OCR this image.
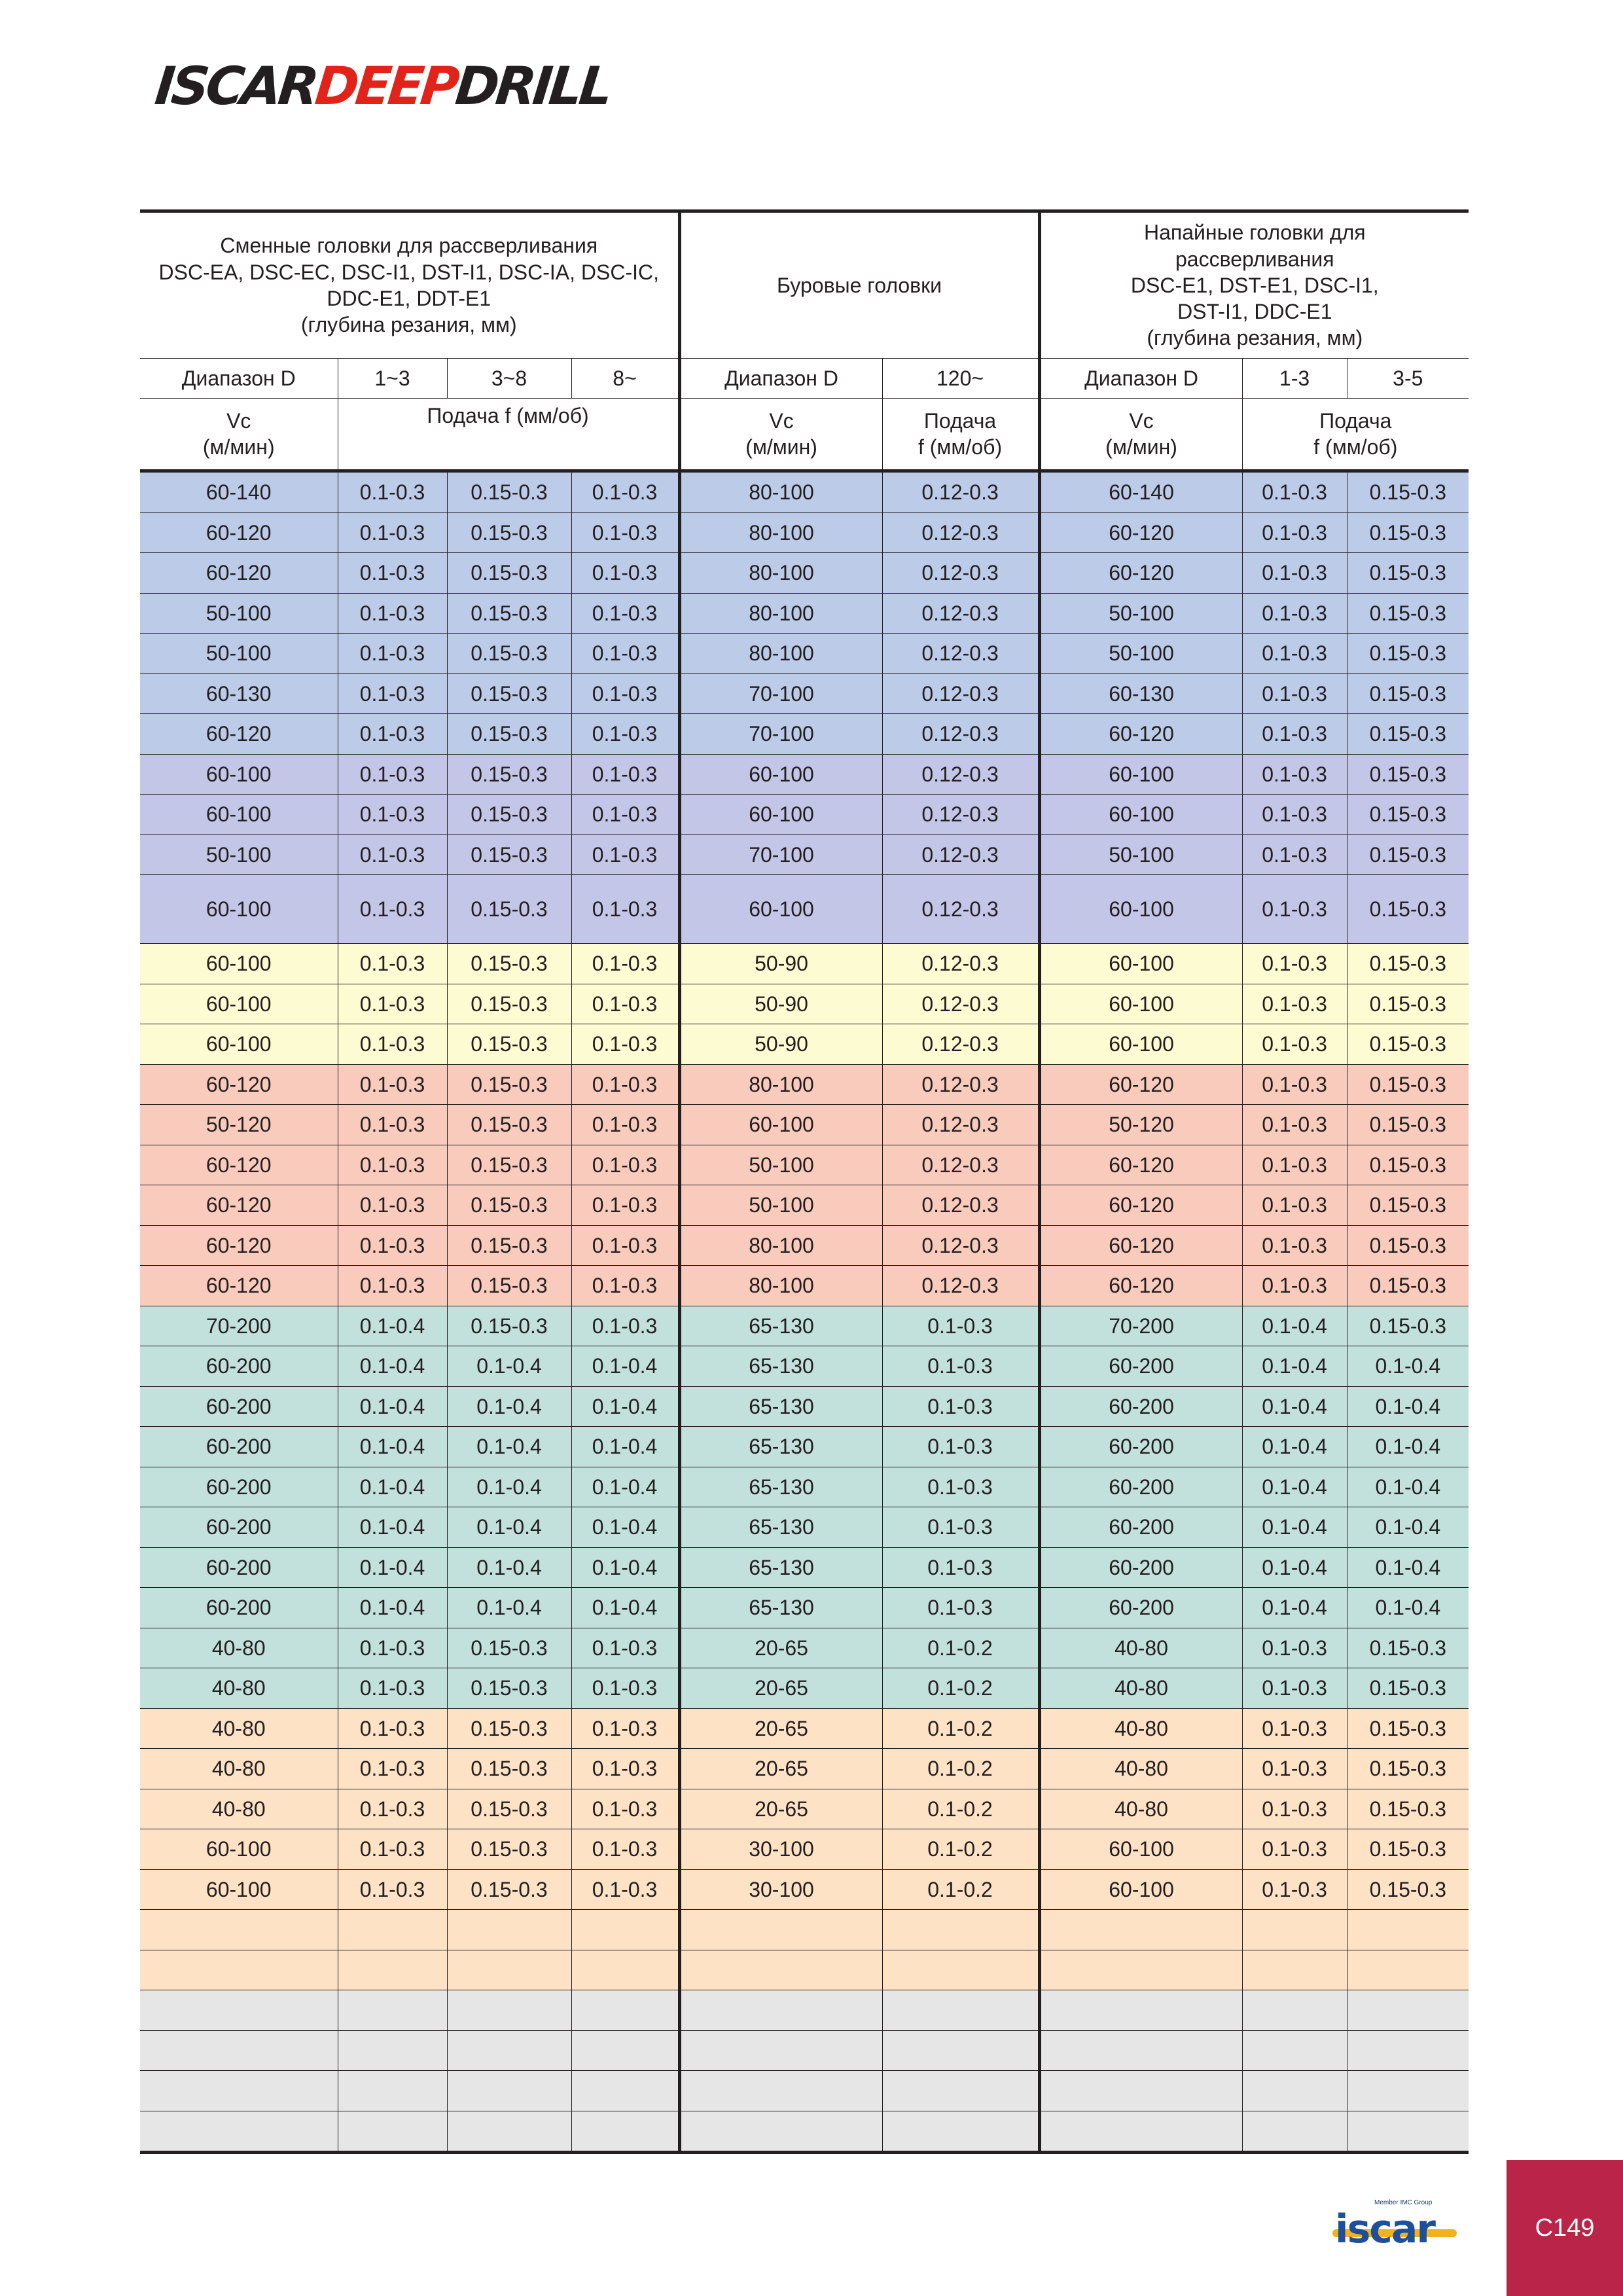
ISCAR
DEEP
DRILL
Сменные головки для рассверливания
DSC-EA, DSC-EC, DSC-I1, DST-I1, DSC-IA, DSC-IC,
DDC-E1, DDT-E1
(глубина резания, мм)				Буровые головки		Напайные головки для
рассверливания
DSC-E1, DST-E1, DSC-I1,
DST-I1, DDC-E1
(глубина резания, мм)		
Диапазон D	1~3	3~8	8~	Диапазон D	120~	Диапазон D	1-3	3-5
Vc
(м/мин)	Подача f (мм/об)			Vc
(м/мин)	Подача
f (мм/об)	Vc
(м/мин)	Подача
f (мм/об)	
60-140	0.1-0.3	0.15-0.3	0.1-0.3	80-100	0.12-0.3	60-140	0.1-0.3	0.15-0.3
60-120	0.1-0.3	0.15-0.3	0.1-0.3	80-100	0.12-0.3	60-120	0.1-0.3	0.15-0.3
60-120	0.1-0.3	0.15-0.3	0.1-0.3	80-100	0.12-0.3	60-120	0.1-0.3	0.15-0.3
50-100	0.1-0.3	0.15-0.3	0.1-0.3	80-100	0.12-0.3	50-100	0.1-0.3	0.15-0.3
50-100	0.1-0.3	0.15-0.3	0.1-0.3	80-100	0.12-0.3	50-100	0.1-0.3	0.15-0.3
60-130	0.1-0.3	0.15-0.3	0.1-0.3	70-100	0.12-0.3	60-130	0.1-0.3	0.15-0.3
60-120	0.1-0.3	0.15-0.3	0.1-0.3	70-100	0.12-0.3	60-120	0.1-0.3	0.15-0.3
60-100	0.1-0.3	0.15-0.3	0.1-0.3	60-100	0.12-0.3	60-100	0.1-0.3	0.15-0.3
60-100	0.1-0.3	0.15-0.3	0.1-0.3	60-100	0.12-0.3	60-100	0.1-0.3	0.15-0.3
50-100	0.1-0.3	0.15-0.3	0.1-0.3	70-100	0.12-0.3	50-100	0.1-0.3	0.15-0.3
60-100	0.1-0.3	0.15-0.3	0.1-0.3	60-100	0.12-0.3	60-100	0.1-0.3	0.15-0.3
60-100	0.1-0.3	0.15-0.3	0.1-0.3	50-90	0.12-0.3	60-100	0.1-0.3	0.15-0.3
60-100	0.1-0.3	0.15-0.3	0.1-0.3	50-90	0.12-0.3	60-100	0.1-0.3	0.15-0.3
60-100	0.1-0.3	0.15-0.3	0.1-0.3	50-90	0.12-0.3	60-100	0.1-0.3	0.15-0.3
60-120	0.1-0.3	0.15-0.3	0.1-0.3	80-100	0.12-0.3	60-120	0.1-0.3	0.15-0.3
50-120	0.1-0.3	0.15-0.3	0.1-0.3	60-100	0.12-0.3	50-120	0.1-0.3	0.15-0.3
60-120	0.1-0.3	0.15-0.3	0.1-0.3	50-100	0.12-0.3	60-120	0.1-0.3	0.15-0.3
60-120	0.1-0.3	0.15-0.3	0.1-0.3	50-100	0.12-0.3	60-120	0.1-0.3	0.15-0.3
60-120	0.1-0.3	0.15-0.3	0.1-0.3	80-100	0.12-0.3	60-120	0.1-0.3	0.15-0.3
60-120	0.1-0.3	0.15-0.3	0.1-0.3	80-100	0.12-0.3	60-120	0.1-0.3	0.15-0.3
70-200	0.1-0.4	0.15-0.3	0.1-0.3	65-130	0.1-0.3	70-200	0.1-0.4	0.15-0.3
60-200	0.1-0.4	0.1-0.4	0.1-0.4	65-130	0.1-0.3	60-200	0.1-0.4	0.1-0.4
60-200	0.1-0.4	0.1-0.4	0.1-0.4	65-130	0.1-0.3	60-200	0.1-0.4	0.1-0.4
60-200	0.1-0.4	0.1-0.4	0.1-0.4	65-130	0.1-0.3	60-200	0.1-0.4	0.1-0.4
60-200	0.1-0.4	0.1-0.4	0.1-0.4	65-130	0.1-0.3	60-200	0.1-0.4	0.1-0.4
60-200	0.1-0.4	0.1-0.4	0.1-0.4	65-130	0.1-0.3	60-200	0.1-0.4	0.1-0.4
60-200	0.1-0.4	0.1-0.4	0.1-0.4	65-130	0.1-0.3	60-200	0.1-0.4	0.1-0.4
60-200	0.1-0.4	0.1-0.4	0.1-0.4	65-130	0.1-0.3	60-200	0.1-0.4	0.1-0.4
40-80	0.1-0.3	0.15-0.3	0.1-0.3	20-65	0.1-0.2	40-80	0.1-0.3	0.15-0.3
40-80	0.1-0.3	0.15-0.3	0.1-0.3	20-65	0.1-0.2	40-80	0.1-0.3	0.15-0.3
40-80	0.1-0.3	0.15-0.3	0.1-0.3	20-65	0.1-0.2	40-80	0.1-0.3	0.15-0.3
40-80	0.1-0.3	0.15-0.3	0.1-0.3	20-65	0.1-0.2	40-80	0.1-0.3	0.15-0.3
40-80	0.1-0.3	0.15-0.3	0.1-0.3	20-65	0.1-0.2	40-80	0.1-0.3	0.15-0.3
60-100	0.1-0.3	0.15-0.3	0.1-0.3	30-100	0.1-0.2	60-100	0.1-0.3	0.15-0.3
60-100	0.1-0.3	0.15-0.3	0.1-0.3	30-100	0.1-0.2	60-100	0.1-0.3	0.15-0.3

Member IMC Group
iscar	C149
